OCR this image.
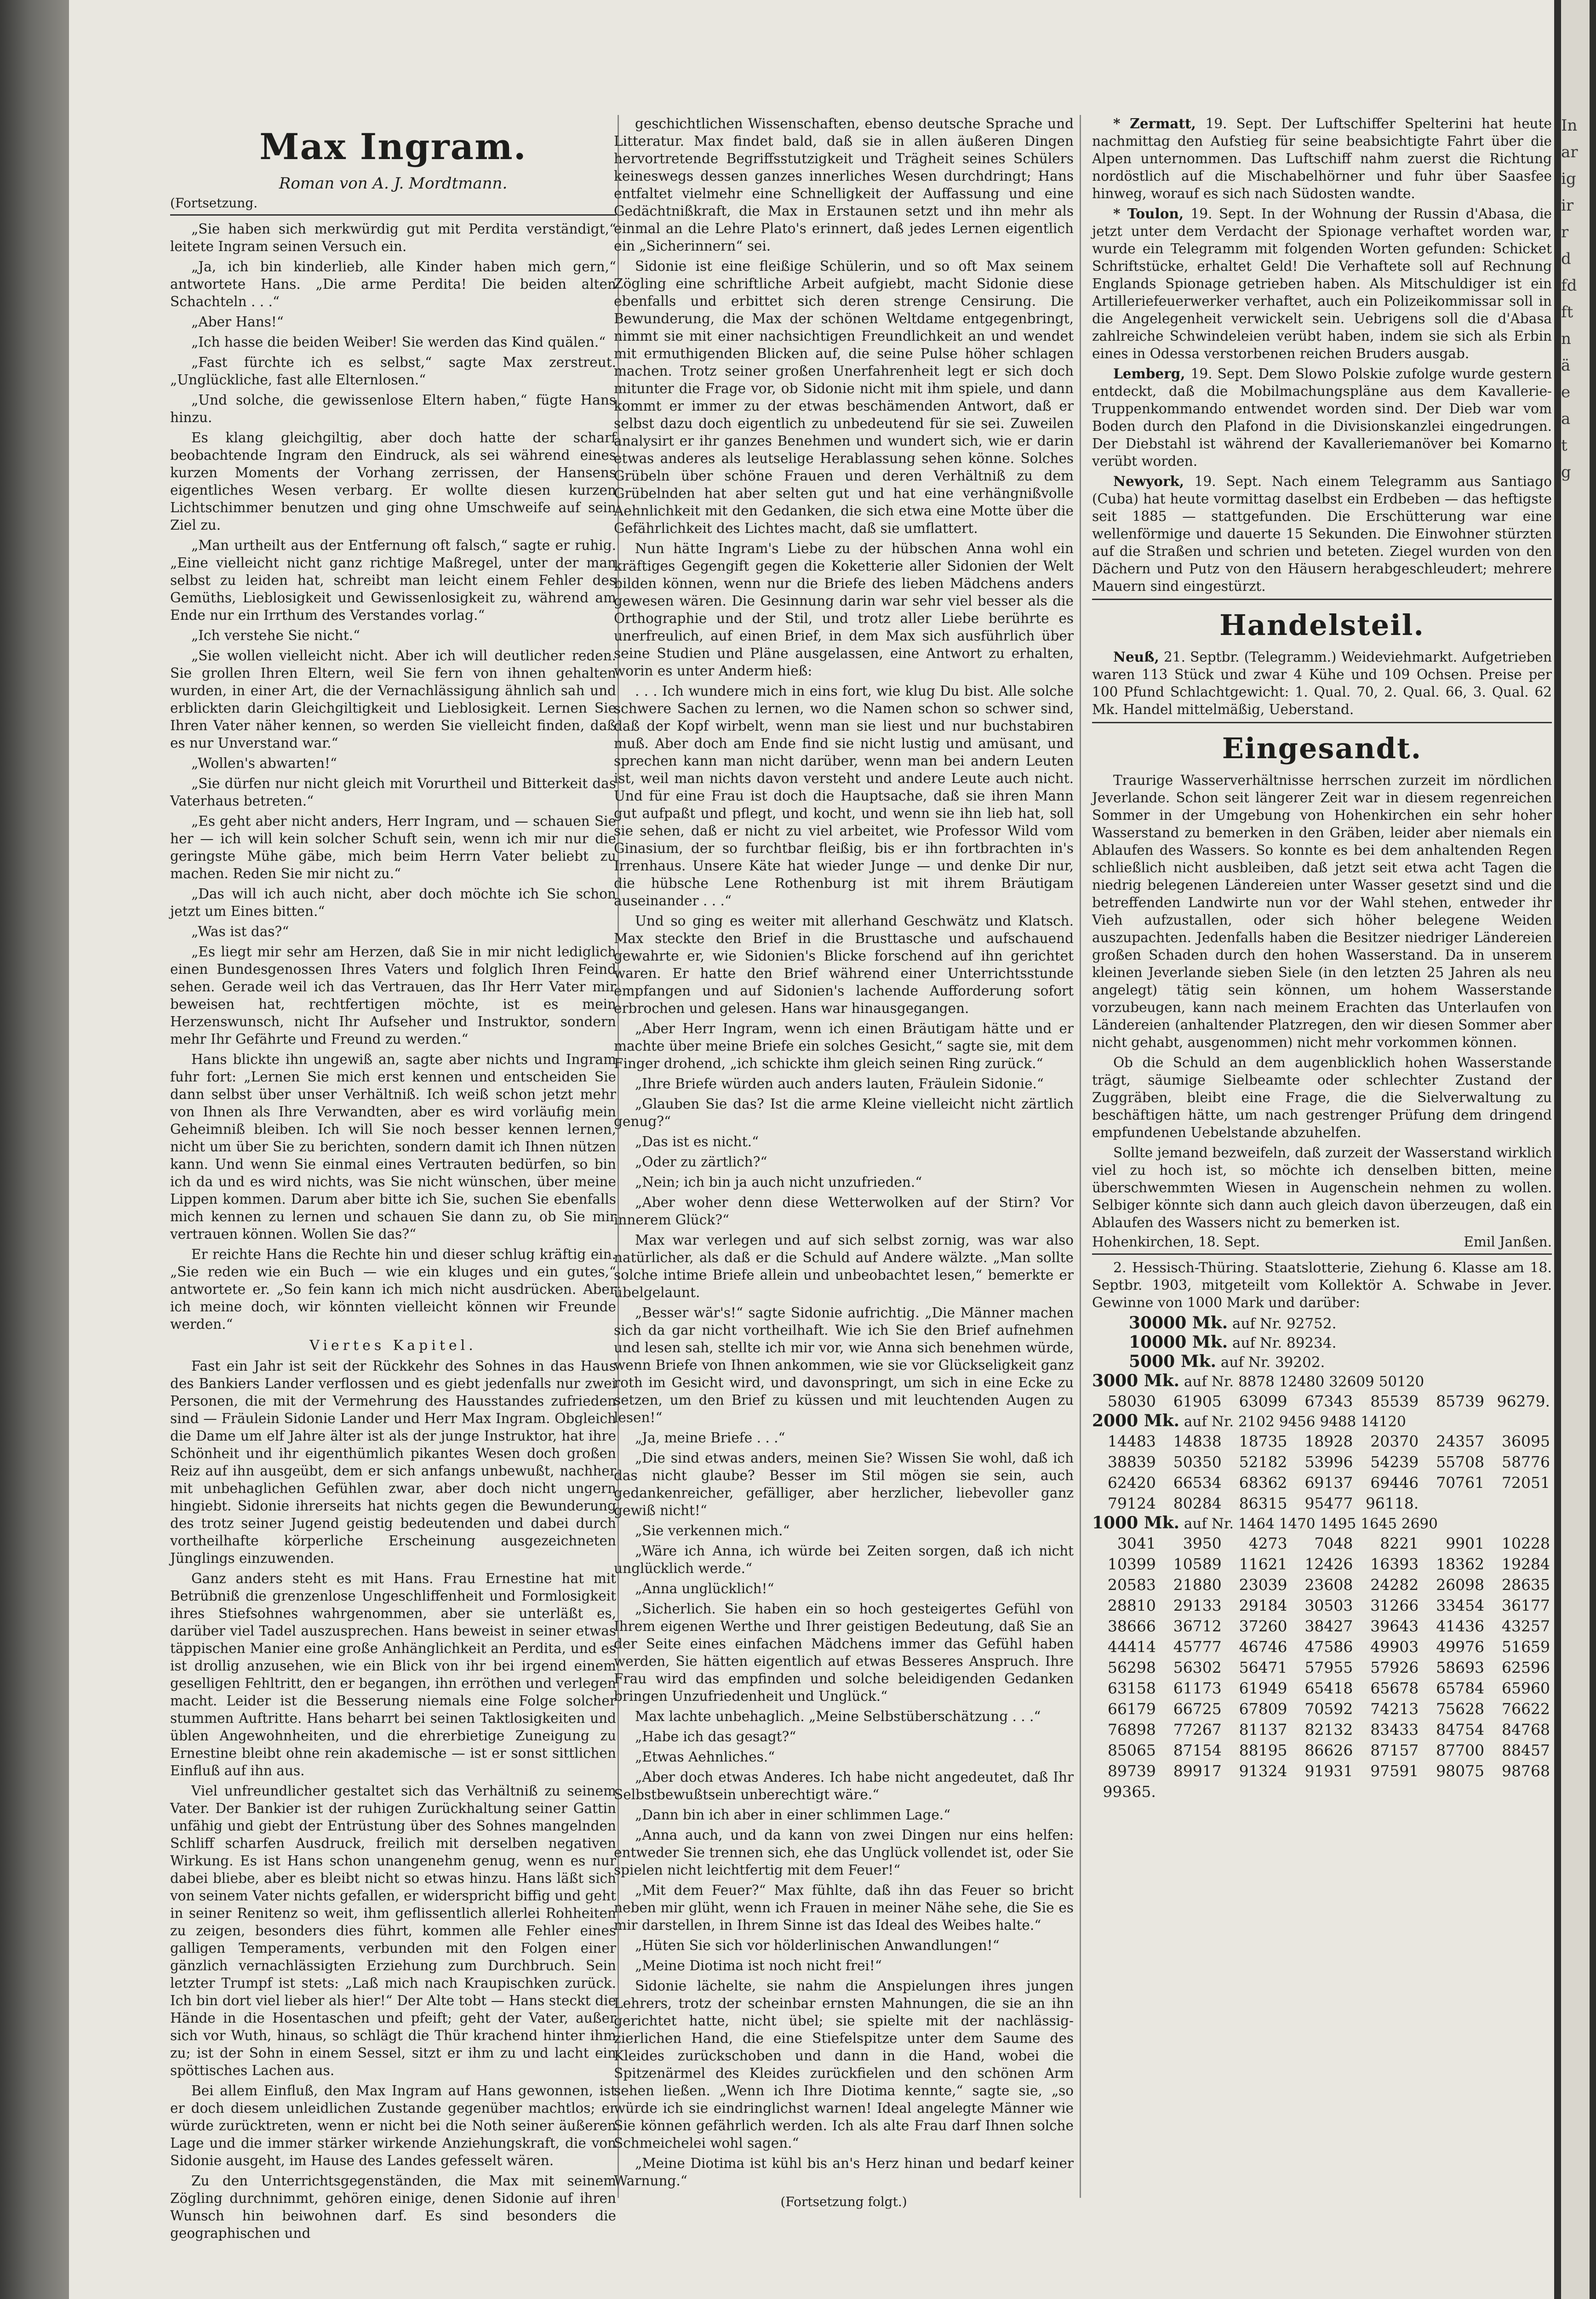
In
ar
ig
ir
r
d
fd
ft
n
ä
e
a
t
g
Max Ingram.
Roman von A. J. Mordtmann.
(Fortsetzung.

„Sie haben sich merkwürdig gut mit Perdita verständigt,“ leitete Ingram seinen Versuch ein.

„Ja, ich bin kinderlieb, alle Kinder haben mich gern,“ antwortete Hans. „Die arme Perdita! Die beiden alten Schachteln . . .“

„Aber Hans!“

„Ich hasse die beiden Weiber! Sie werden das Kind quälen.“

„Fast fürchte ich es selbst,“ sagte Max zerstreut. „Unglückliche, fast alle Elternlosen.“

„Und solche, die gewissenlose Eltern haben,“ fügte Hans hinzu.

Es klang gleichgiltig, aber doch hatte der scharf beobachtende Ingram den Eindruck, als sei während eines kurzen Moments der Vorhang zerrissen, der Hansens eigentliches Wesen verbarg. Er wollte diesen kurzen Lichtschimmer benutzen und ging ohne Umschweife auf sein Ziel zu.

„Man urtheilt aus der Entfernung oft falsch,“ sagte er ruhig. „Eine vielleicht nicht ganz richtige Maßregel, unter der man selbst zu leiden hat, schreibt man leicht einem Fehler des Gemüths, Lieblosigkeit und Gewissenlosigkeit zu, während am Ende nur ein Irrthum des Verstandes vorlag.“

„Ich verstehe Sie nicht.“

„Sie wollen vielleicht nicht. Aber ich will deutlicher reden. Sie grollen Ihren Eltern, weil Sie fern von ihnen gehalten wurden, in einer Art, die der Vernachlässigung ähnlich sah und erblickten darin Gleichgiltigkeit und Lieblosigkeit. Lernen Sie Ihren Vater näher kennen, so werden Sie vielleicht finden, daß es nur Unverstand war.“

„Wollen's abwarten!“

„Sie dürfen nur nicht gleich mit Vorurtheil und Bitterkeit das Vaterhaus betreten.“

„Es geht aber nicht anders, Herr Ingram, und — schauen Sie her — ich will kein solcher Schuft sein, wenn ich mir nur die geringste Mühe gäbe, mich beim Herrn Vater beliebt zu machen. Reden Sie mir nicht zu.“

„Das will ich auch nicht, aber doch möchte ich Sie schon jetzt um Eines bitten.“

„Was ist das?“

„Es liegt mir sehr am Herzen, daß Sie in mir nicht lediglich einen Bundesgenossen Ihres Vaters und folglich Ihren Feind sehen. Gerade weil ich das Vertrauen, das Ihr Herr Vater mir beweisen hat, rechtfertigen möchte, ist es mein Herzenswunsch, nicht Ihr Aufseher und Instruktor, sondern mehr Ihr Gefährte und Freund zu werden.“

Hans blickte ihn ungewiß an, sagte aber nichts und Ingram fuhr fort: „Lernen Sie mich erst kennen und entscheiden Sie dann selbst über unser Verhältniß. Ich weiß schon jetzt mehr von Ihnen als Ihre Verwandten, aber es wird vorläufig mein Geheimniß bleiben. Ich will Sie noch besser kennen lernen, nicht um über Sie zu berichten, sondern damit ich Ihnen nützen kann. Und wenn Sie einmal eines Vertrauten bedürfen, so bin ich da und es wird nichts, was Sie nicht wünschen, über meine Lippen kommen. Darum aber bitte ich Sie, suchen Sie ebenfalls mich kennen zu lernen und schauen Sie dann zu, ob Sie mir vertrauen können. Wollen Sie das?“

Er reichte Hans die Rechte hin und dieser schlug kräftig ein. „Sie reden wie ein Buch — wie ein kluges und ein gutes,“ antwortete er. „So fein kann ich mich nicht ausdrücken. Aber ich meine doch, wir könnten vielleicht können wir Freunde werden.“

Viertes Kapitel.

Fast ein Jahr ist seit der Rückkehr des Sohnes in das Haus des Bankiers Lander verflossen und es giebt jedenfalls nur zwei Personen, die mit der Vermehrung des Hausstandes zufrieden sind — Fräulein Sidonie Lander und Herr Max Ingram. Obgleich die Dame um elf Jahre älter ist als der junge Instruktor, hat ihre Schönheit und ihr eigenthümlich pikantes Wesen doch großen Reiz auf ihn ausgeübt, dem er sich anfangs unbewußt, nachher mit unbehaglichen Gefühlen zwar, aber doch nicht ungern hingiebt. Sidonie ihrerseits hat nichts gegen die Bewunderung des trotz seiner Jugend geistig bedeutenden und dabei durch vortheilhafte körperliche Erscheinung ausgezeichneten Jünglings einzuwenden.

Ganz anders steht es mit Hans. Frau Ernestine hat mit Betrübniß die grenzenlose Ungeschliffenheit und Formlosigkeit ihres Stiefsohnes wahrgenommen, aber sie unterläßt es, darüber viel Tadel auszusprechen. Hans beweist in seiner etwas täppischen Manier eine große Anhänglichkeit an Perdita, und es ist drollig anzusehen, wie ein Blick von ihr bei irgend einem geselligen Fehltritt, den er begangen, ihn erröthen und verlegen macht. Leider ist die Besserung niemals eine Folge solcher stummen Auftritte. Hans beharrt bei seinen Taktlosigkeiten und üblen Angewohnheiten, und die ehrerbietige Zuneigung zu Ernestine bleibt ohne rein akademische — ist er sonst sittlichen Einfluß auf ihn aus.

Viel unfreundlicher gestaltet sich das Verhältniß zu seinem Vater. Der Bankier ist der ruhigen Zurückhaltung seiner Gattin unfähig und giebt der Entrüstung über des Sohnes mangelnden Schliff scharfen Ausdruck, freilich mit derselben negativen Wirkung. Es ist Hans schon unangenehm genug, wenn es nur dabei bliebe, aber es bleibt nicht so etwas hinzu. Hans läßt sich von seinem Vater nichts gefallen, er widerspricht biffig und geht in seiner Renitenz so weit, ihm geflissentlich allerlei Rohheiten zu zeigen, besonders dies führt, kommen alle Fehler eines galligen Temperaments, verbunden mit den Folgen einer gänzlich vernachlässigten Erziehung zum Durchbruch. Sein letzter Trumpf ist stets: „Laß mich nach Kraupischken zurück. Ich bin dort viel lieber als hier!“ Der Alte tobt — Hans steckt die Hände in die Hosentaschen und pfeift; geht der Vater, außer sich vor Wuth, hinaus, so schlägt die Thür krachend hinter ihm zu; ist der Sohn in einem Sessel, sitzt er ihm zu und lacht ein spöttisches Lachen aus.

Bei allem Einfluß, den Max Ingram auf Hans gewonnen, ist er doch diesem unleidlichen Zustande gegenüber machtlos; er würde zurücktreten, wenn er nicht bei die Noth seiner äußeren Lage und die immer stärker wirkende Anziehungskraft, die von Sidonie ausgeht, im Hause des Landes gefesselt wären.

Zu den Unterrichtsgegenständen, die Max mit seinem Zögling durchnimmt, gehören einige, denen Sidonie auf ihren Wunsch hin beiwohnen darf. Es sind besonders die geographischen und

geschichtlichen Wissenschaften, ebenso deutsche Sprache und Litteratur. Max findet bald, daß sie in allen äußeren Dingen hervortretende Begriffsstutzigkeit und Trägheit seines Schülers keineswegs dessen ganzes innerliches Wesen durchdringt; Hans entfaltet vielmehr eine Schnelligkeit der Auffassung und eine Gedächtnißkraft, die Max in Erstaunen setzt und ihn mehr als einmal an die Lehre Plato's erinnert, daß jedes Lernen eigentlich ein „Sicherinnern“ sei.

Sidonie ist eine fleißige Schülerin, und so oft Max seinem Zögling eine schriftliche Arbeit aufgiebt, macht Sidonie diese ebenfalls und erbittet sich deren strenge Censirung. Die Bewunderung, die Max der schönen Weltdame entgegenbringt, nimmt sie mit einer nachsichtigen Freundlichkeit an und wendet mit ermuthigenden Blicken auf, die seine Pulse höher schlagen machen. Trotz seiner großen Unerfahrenheit legt er sich doch mitunter die Frage vor, ob Sidonie nicht mit ihm spiele, und dann kommt er immer zu der etwas beschämenden Antwort, daß er selbst dazu doch eigentlich zu unbedeutend für sie sei. Zuweilen analysirt er ihr ganzes Benehmen und wundert sich, wie er darin etwas anderes als leutselige Herablassung sehen könne. Solches Grübeln über schöne Frauen und deren Verhältniß zu dem Grübelnden hat aber selten gut und hat eine verhängnißvolle Aehnlichkeit mit den Gedanken, die sich etwa eine Motte über die Gefährlichkeit des Lichtes macht, daß sie umflattert.

Nun hätte Ingram's Liebe zu der hübschen Anna wohl ein kräftiges Gegengift gegen die Koketterie aller Sidonien der Welt bilden können, wenn nur die Briefe des lieben Mädchens anders gewesen wären. Die Gesinnung darin war sehr viel besser als die Orthographie und der Stil, und trotz aller Liebe berührte es unerfreulich, auf einen Brief, in dem Max sich ausführlich über seine Studien und Pläne ausgelassen, eine Antwort zu erhalten, worin es unter Anderm hieß:

. . . Ich wundere mich in eins fort, wie klug Du bist. Alle solche schwere Sachen zu lernen, wo die Namen schon so schwer sind, daß der Kopf wirbelt, wenn man sie liest und nur buchstabiren muß. Aber doch am Ende find sie nicht lustig und amüsant, und sprechen kann man nicht darüber, wenn man bei andern Leuten ist, weil man nichts davon versteht und andere Leute auch nicht. Und für eine Frau ist doch die Hauptsache, daß sie ihren Mann gut aufpaßt und pflegt, und kocht, und wenn sie ihn lieb hat, soll sie sehen, daß er nicht zu viel arbeitet, wie Professor Wild vom Ginasium, der so furchtbar fleißig, bis er ihn fortbrachten in's Irrenhaus. Unsere Käte hat wieder Junge — und denke Dir nur, die hübsche Lene Rothenburg ist mit ihrem Bräutigam auseinander . . .“

Und so ging es weiter mit allerhand Geschwätz und Klatsch. Max steckte den Brief in die Brusttasche und aufschauend gewahrte er, wie Sidonien's Blicke forschend auf ihn gerichtet waren. Er hatte den Brief während einer Unterrichtsstunde empfangen und auf Sidonien's lachende Aufforderung sofort erbrochen und gelesen. Hans war hinausgegangen.

„Aber Herr Ingram, wenn ich einen Bräutigam hätte und er machte über meine Briefe ein solches Gesicht,“ sagte sie, mit dem Finger drohend, „ich schickte ihm gleich seinen Ring zurück.“

„Ihre Briefe würden auch anders lauten, Fräulein Sidonie.“

„Glauben Sie das? Ist die arme Kleine vielleicht nicht zärtlich genug?“

„Das ist es nicht.“

„Oder zu zärtlich?“

„Nein; ich bin ja auch nicht unzufrieden.“

„Aber woher denn diese Wetterwolken auf der Stirn? Vor innerem Glück?“

Max war verlegen und auf sich selbst zornig, was war also natürlicher, als daß er die Schuld auf Andere wälzte. „Man sollte solche intime Briefe allein und unbeobachtet lesen,“ bemerkte er übelgelaunt.

„Besser wär's!“ sagte Sidonie aufrichtig. „Die Männer machen sich da gar nicht vortheilhaft. Wie ich Sie den Brief aufnehmen und lesen sah, stellte ich mir vor, wie Anna sich benehmen würde, wenn Briefe von Ihnen ankommen, wie sie vor Glückseligkeit ganz roth im Gesicht wird, und davonspringt, um sich in eine Ecke zu setzen, um den Brief zu küssen und mit leuchtenden Augen zu lesen!“

„Ja, meine Briefe . . .“

„Die sind etwas anders, meinen Sie? Wissen Sie wohl, daß ich das nicht glaube? Besser im Stil mögen sie sein, auch gedankenreicher, gefälliger, aber herzlicher, liebevoller ganz gewiß nicht!“

„Sie verkennen mich.“

„Wäre ich Anna, ich würde bei Zeiten sorgen, daß ich nicht unglücklich werde.“

„Anna unglücklich!“

„Sicherlich. Sie haben ein so hoch gesteigertes Gefühl von Ihrem eigenen Werthe und Ihrer geistigen Bedeutung, daß Sie an der Seite eines einfachen Mädchens immer das Gefühl haben werden, Sie hätten eigentlich auf etwas Besseres Anspruch. Ihre Frau wird das empfinden und solche beleidigenden Gedanken bringen Unzufriedenheit und Unglück.“

Max lachte unbehaglich. „Meine Selbstüberschätzung . . .“

„Habe ich das gesagt?“

„Etwas Aehnliches.“

„Aber doch etwas Anderes. Ich habe nicht angedeutet, daß Ihr Selbstbewußtsein unberechtigt wäre.“

„Dann bin ich aber in einer schlimmen Lage.“

„Anna auch, und da kann von zwei Dingen nur eins helfen: entweder Sie trennen sich, ehe das Unglück vollendet ist, oder Sie spielen nicht leichtfertig mit dem Feuer!“

„Mit dem Feuer?“ Max fühlte, daß ihn das Feuer so bricht neben mir glüht, wenn ich Frauen in meiner Nähe sehe, die Sie es mir darstellen, in Ihrem Sinne ist das Ideal des Weibes halte.“

„Hüten Sie sich vor hölderlinischen Anwandlungen!“

„Meine Diotima ist noch nicht frei!“

Sidonie lächelte, sie nahm die Anspielungen ihres jungen Lehrers, trotz der scheinbar ernsten Mahnungen, die sie an ihn gerichtet hatte, nicht übel; sie spielte mit der nachlässig-zierlichen Hand, die eine Stiefelspitze unter dem Saume des Kleides zurückschoben und dann in die Hand, wobei die Spitzenärmel des Kleides zurückfielen und den schönen Arm sehen ließen. „Wenn ich Ihre Diotima kennte,“ sagte sie, „so würde ich sie eindringlichst warnen! Ideal angelegte Männer wie Sie können gefährlich werden. Ich als alte Frau darf Ihnen solche Schmeichelei wohl sagen.“

„Meine Diotima ist kühl bis an's Herz hinan und bedarf keiner Warnung.“

(Fortsetzung folgt.)

* Zermatt, 19. Sept. Der Luftschiffer Spelterini hat heute nachmittag den Aufstieg für seine beabsichtigte Fahrt über die Alpen unternommen. Das Luftschiff nahm zuerst die Richtung nordöstlich auf die Mischabelhörner und fuhr über Saasfee hinweg, worauf es sich nach Südosten wandte.

* Toulon, 19. Sept. In der Wohnung der Russin d'Abasa, die jetzt unter dem Verdacht der Spionage verhaftet worden war, wurde ein Telegramm mit folgenden Worten gefunden: Schicket Schriftstücke, erhaltet Geld! Die Verhaftete soll auf Rechnung Englands Spionage getrieben haben. Als Mitschuldiger ist ein Artilleriefeuerwerker verhaftet, auch ein Polizeikommissar soll in die Angelegenheit verwickelt sein. Uebrigens soll die d'Abasa zahlreiche Schwindeleien verübt haben, indem sie sich als Erbin eines in Odessa verstorbenen reichen Bruders ausgab.

Lemberg, 19. Sept. Dem Slowo Polskie zufolge wurde gestern entdeckt, daß die Mobilmachungspläne aus dem Kavallerie-Truppenkommando entwendet worden sind. Der Dieb war vom Boden durch den Plafond in die Divisionskanzlei eingedrungen. Der Diebstahl ist während der Kavalleriemanöver bei Komarno verübt worden.

Newyork, 19. Sept. Nach einem Telegramm aus Santiago (Cuba) hat heute vormittag daselbst ein Erdbeben — das heftigste seit 1885 — stattgefunden. Die Erschütterung war eine wellenförmige und dauerte 15 Sekunden. Die Einwohner stürzten auf die Straßen und schrien und beteten. Ziegel wurden von den Dächern und Putz von den Häusern herabgeschleudert; mehrere Mauern sind eingestürzt.

Handelsteil.

Neuß, 21. Septbr. (Telegramm.) Weideviehmarkt. Aufgetrieben waren 113 Stück und zwar 4 Kühe und 109 Ochsen. Preise per 100 Pfund Schlachtgewicht: 1. Qual. 70, 2. Qual. 66, 3. Qual. 62 Mk. Handel mittelmäßig, Ueberstand.

Eingesandt.

Traurige Wasserverhältnisse herrschen zurzeit im nördlichen Jeverlande. Schon seit längerer Zeit war in diesem regenreichen Sommer in der Umgebung von Hohenkirchen ein sehr hoher Wasserstand zu bemerken in den Gräben, leider aber niemals ein Ablaufen des Wassers. So konnte es bei dem anhaltenden Regen schließlich nicht ausbleiben, daß jetzt seit etwa acht Tagen die niedrig belegenen Ländereien unter Wasser gesetzt sind und die betreffenden Landwirte nun vor der Wahl stehen, entweder ihr Vieh aufzustallen, oder sich höher belegene Weiden auszupachten. Jedenfalls haben die Besitzer niedriger Ländereien großen Schaden durch den hohen Wasserstand. Da in unserem kleinen Jeverlande sieben Siele (in den letzten 25 Jahren als neu angelegt) tätig sein können, um hohem Wasserstande vorzubeugen, kann nach meinem Erachten das Unterlaufen von Ländereien (anhaltender Platzregen, den wir diesen Sommer aber nicht gehabt, ausgenommen) nicht mehr vorkommen können.

Ob die Schuld an dem augenblicklich hohen Wasserstande trägt, säumige Sielbeamte oder schlechter Zustand der Zuggräben, bleibt eine Frage, die die Sielverwaltung zu beschäftigen hätte, um nach gestrenger Prüfung dem dringend empfundenen Uebelstande abzuhelfen.

Sollte jemand bezweifeln, daß zurzeit der Wasserstand wirklich viel zu hoch ist, so möchte ich denselben bitten, meine überschwemmten Wiesen in Augenschein nehmen zu wollen. Selbiger könnte sich dann auch gleich davon überzeugen, daß ein Ablaufen des Wassers nicht zu bemerken ist.

Hohenkirchen, 18. Sept.	Emil Janßen.
2. Hessisch-Thüring. Staatslotterie, Ziehung 6. Klasse am 18. Septbr. 1903, mitgeteilt vom Kollektör A. Schwabe in Jever. Gewinne von 1000 Mark und darüber:
30000 Mk. auf Nr. 92752.
10000 Mk. auf Nr. 89234.
5000 Mk. auf Nr. 39202.
3000 Mk. auf Nr. 8878 12480 32609 50120
58030	61905	63099	67343	85539	85739 96279.
2000 Mk. auf Nr. 2102 9456 9488 14120
14483	14838	18735	18928	20370	24357	36095
38839	50350	52182	53996	54239	55708	58776
62420	66534	68362	69137	69446	70761	72051
79124	80284	86315	95477 96118.
1000 Mk. auf Nr. 1464 1470 1495 1645 2690
3041	3950	4273	7048	8221	9901	10228
10399	10589	11621	12426	16393	18362	19284
20583	21880	23039	23608	24282	26098	28635
28810	29133	29184	30503	31266	33454	36177
38666	36712	37260	38427	39643	41436	43257
44414	45777	46746	47586	49903	49976	51659
56298	56302	56471	57955	57926	58693	62596
63158	61173	61949	65418	65678	65784	65960
66179	66725	67809	70592	74213	75628	76622
76898	77267	81137	82132	83433	84754	84768
85065	87154	88195	86626	87157	87700	88457
89739	89917	91324	91931	97591	98075	98768
99365.
